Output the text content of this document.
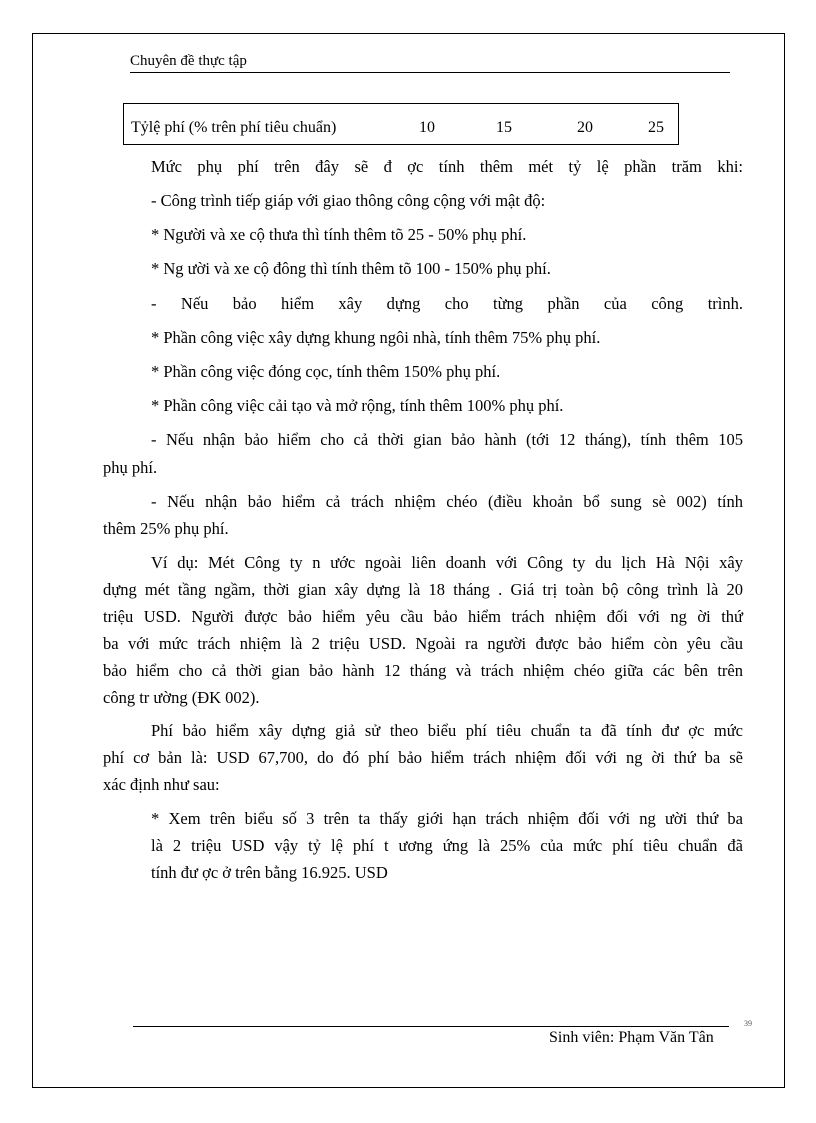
Chuyên đề thực tập
Tỷlệ phí (% trên phí tiêu chuẩn)	10	15	20	25
Mức phụ phí trên đây sẽ đ ợc tính thêm mét tỷ lệ phần trăm khi:
- Công trình tiếp giáp với giao thông công cộng với mật độ:
* Người và xe cộ thưa thì tính thêm tõ 25 - 50% phụ phí.
* Ng ười và xe cộ đông thì tính thêm tõ 100 - 150% phụ phí.
- Nếu bảo hiểm xây dựng cho từng phần của công trình.
* Phần công việc xây dựng khung ngôi nhà, tính thêm 75% phụ phí.
* Phần công việc đóng cọc, tính thêm 150% phụ phí.
* Phần công việc cải tạo và mở rộng, tính thêm 100% phụ phí.
- Nếu nhận bảo hiểm cho cả thời gian bảo hành (tới 12 tháng), tính thêm 105
phụ phí.
- Nếu nhận bảo hiểm cả trách nhiệm chéo (điều khoản bổ sung sè 002) tính
thêm 25% phụ phí.
Ví dụ: Mét Công ty n ước ngoài liên doanh với Công ty du lịch Hà Nội xây
dựng mét tầng ngầm, thời gian xây dựng là 18 tháng . Giá trị toàn bộ công trình là 20
triệu USD. Người được bảo hiểm yêu cầu bảo hiểm trách nhiệm đối với ng ời thứ
ba với mức trách nhiệm là 2 triệu USD. Ngoài ra người được bảo hiểm còn yêu cầu
bảo hiểm cho cả thời gian bảo hành 12 tháng và trách nhiệm chéo giữa các bên trên
công tr ường (ĐK 002).
Phí bảo hiểm xây dựng giả sử theo biểu phí tiêu chuẩn ta đã tính đư ợc mức
phí cơ bản là: USD 67,700, do đó phí bảo hiểm trách nhiệm đối với ng ời thứ ba sẽ
xác định như sau:
* Xem trên biểu số 3 trên ta thấy giới hạn trách nhiệm đối với ng ười thứ ba
là 2 triệu USD vậy tỷ lệ phí t ương ứng là 25% của mức phí tiêu chuẩn đã
tính đư ợc ở trên bằng 16.925. USD
39
Sinh viên: Phạm Văn Tân
